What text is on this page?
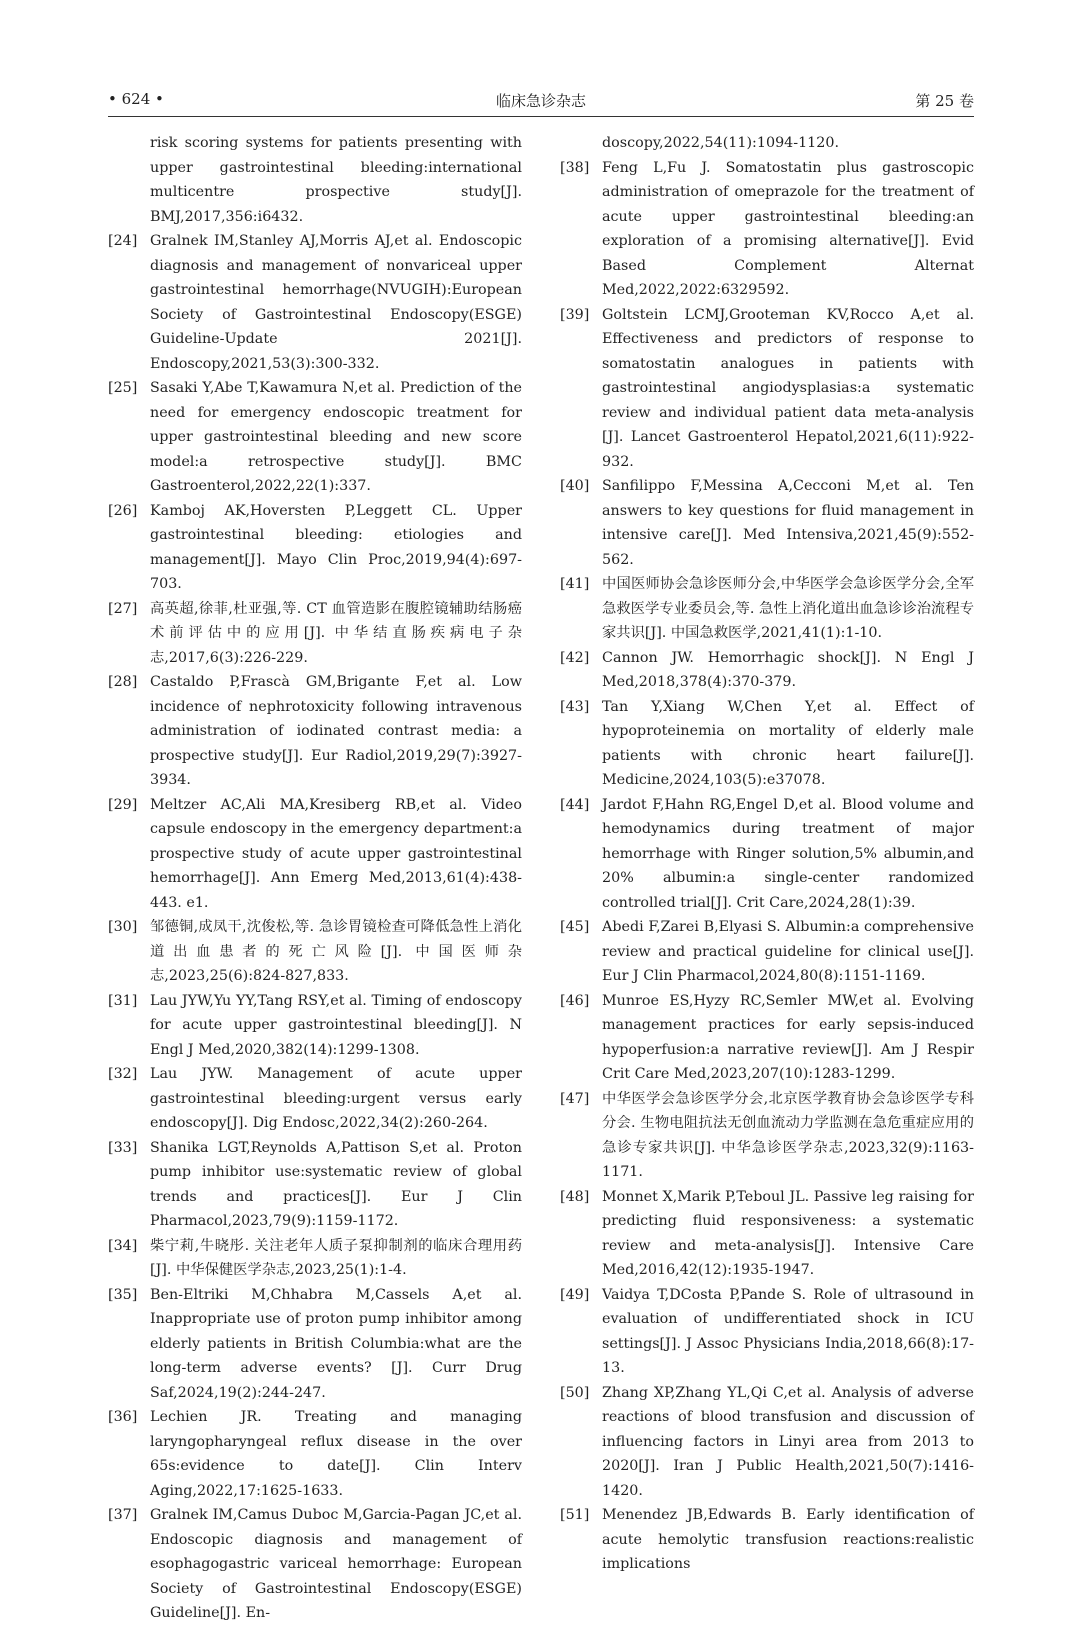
• 624 •	临床急诊杂志	第 25 卷
risk scoring systems for patients presenting with upper gastrointestinal bleeding:international multicentre prospective study[J]. BMJ,2017,356:i6432.
[24] Gralnek IM,Stanley AJ,Morris AJ,et al. Endoscopic diagnosis and management of nonvariceal upper gastrointestinal hemorrhage(NVUGIH):European Society of Gastrointestinal Endoscopy(ESGE) Guideline-Update 2021[J]. Endoscopy,2021,53(3):300-332.
[25] Sasaki Y,Abe T,Kawamura N,et al. Prediction of the need for emergency endoscopic treatment for upper gastrointestinal bleeding and new score model:a retrospective study[J]. BMC Gastroenterol,2022,22(1):337.
[26] Kamboj AK,Hoversten P,Leggett CL. Upper gastrointestinal bleeding: etiologies and management[J]. Mayo Clin Proc,2019,94(4):697-703.
[27] 高英超,徐菲,杜亚强,等. CT 血管造影在腹腔镜辅助结肠癌术前评估中的应用[J]. 中华结直肠疾病电子杂志,2017,6(3):226-229.
[28] Castaldo P,Frascà GM,Brigante F,et al. Low incidence of nephrotoxicity following intravenous administration of iodinated contrast media: a prospective study[J]. Eur Radiol,2019,29(7):3927-3934.
[29] Meltzer AC,Ali MA,Kresiberg RB,et al. Video capsule endoscopy in the emergency department:a prospective study of acute upper gastrointestinal hemorrhage[J]. Ann Emerg Med,2013,61(4):438-443. e1.
[30] 邹德铜,成凤干,沈俊松,等. 急诊胃镜检查可降低急性上消化道出血患者的死亡风险[J]. 中国医师杂志,2023,25(6):824-827,833.
[31] Lau JYW,Yu YY,Tang RSY,et al. Timing of endoscopy for acute upper gastrointestinal bleeding[J]. N Engl J Med,2020,382(14):1299-1308.
[32] Lau JYW. Management of acute upper gastrointestinal bleeding:urgent versus early endoscopy[J]. Dig Endosc,2022,34(2):260-264.
[33] Shanika LGT,Reynolds A,Pattison S,et al. Proton pump inhibitor use:systematic review of global trends and practices[J]. Eur J Clin Pharmacol,2023,79(9):1159-1172.
[34] 柴宁莉,牛晓彤. 关注老年人质子泵抑制剂的临床合理用药[J]. 中华保健医学杂志,2023,25(1):1-4.
[35] Ben-Eltriki M,Chhabra M,Cassels A,et al. Inappropriate use of proton pump inhibitor among elderly patients in British Columbia:what are the long-term adverse events? [J]. Curr Drug Saf,2024,19(2):244-247.
[36] Lechien JR. Treating and managing laryngopharyngeal reflux disease in the over 65s:evidence to date[J]. Clin Interv Aging,2022,17:1625-1633.
[37] Gralnek IM,Camus Duboc M,Garcia-Pagan JC,et al. Endoscopic diagnosis and management of esophagogastric variceal hemorrhage: European Society of Gastrointestinal Endoscopy(ESGE) Guideline[J]. En-
doscopy,2022,54(11):1094-1120.
[38] Feng L,Fu J. Somatostatin plus gastroscopic administration of omeprazole for the treatment of acute upper gastrointestinal bleeding:an exploration of a promising alternative[J]. Evid Based Complement Alternat Med,2022,2022:6329592.
[39] Goltstein LCMJ,Grooteman KV,Rocco A,et al. Effectiveness and predictors of response to somatostatin analogues in patients with gastrointestinal angiodysplasias:a systematic review and individual patient data meta-analysis [J]. Lancet Gastroenterol Hepatol,2021,6(11):922-932.
[40] Sanfilippo F,Messina A,Cecconi M,et al. Ten answers to key questions for fluid management in intensive care[J]. Med Intensiva,2021,45(9):552-562.
[41] 中国医师协会急诊医师分会,中华医学会急诊医学分会,全军急救医学专业委员会,等. 急性上消化道出血急诊诊治流程专家共识[J]. 中国急救医学,2021,41(1):1-10.
[42] Cannon JW. Hemorrhagic shock[J]. N Engl J Med,2018,378(4):370-379.
[43] Tan Y,Xiang W,Chen Y,et al. Effect of hypoproteinemia on mortality of elderly male patients with chronic heart failure[J]. Medicine,2024,103(5):e37078.
[44] Jardot F,Hahn RG,Engel D,et al. Blood volume and hemodynamics during treatment of major hemorrhage with Ringer solution,5% albumin,and 20% albumin:a single-center randomized controlled trial[J]. Crit Care,2024,28(1):39.
[45] Abedi F,Zarei B,Elyasi S. Albumin:a comprehensive review and practical guideline for clinical use[J]. Eur J Clin Pharmacol,2024,80(8):1151-1169.
[46] Munroe ES,Hyzy RC,Semler MW,et al. Evolving management practices for early sepsis-induced hypoperfusion:a narrative review[J]. Am J Respir Crit Care Med,2023,207(10):1283-1299.
[47] 中华医学会急诊医学分会,北京医学教育协会急诊医学专科分会. 生物电阻抗法无创血流动力学监测在急危重症应用的急诊专家共识[J]. 中华急诊医学杂志,2023,32(9):1163-1171.
[48] Monnet X,Marik P,Teboul JL. Passive leg raising for predicting fluid responsiveness: a systematic review and meta-analysis[J]. Intensive Care Med,2016,42(12):1935-1947.
[49] Vaidya T,DCosta P,Pande S. Role of ultrasound in evaluation of undifferentiated shock in ICU settings[J]. J Assoc Physicians India,2018,66(8):17-13.
[50] Zhang XP,Zhang YL,Qi C,et al. Analysis of adverse reactions of blood transfusion and discussion of influencing factors in Linyi area from 2013 to 2020[J]. Iran J Public Health,2021,50(7):1416-1420.
[51] Menendez JB,Edwards B. Early identification of acute hemolytic transfusion reactions:realistic implications
